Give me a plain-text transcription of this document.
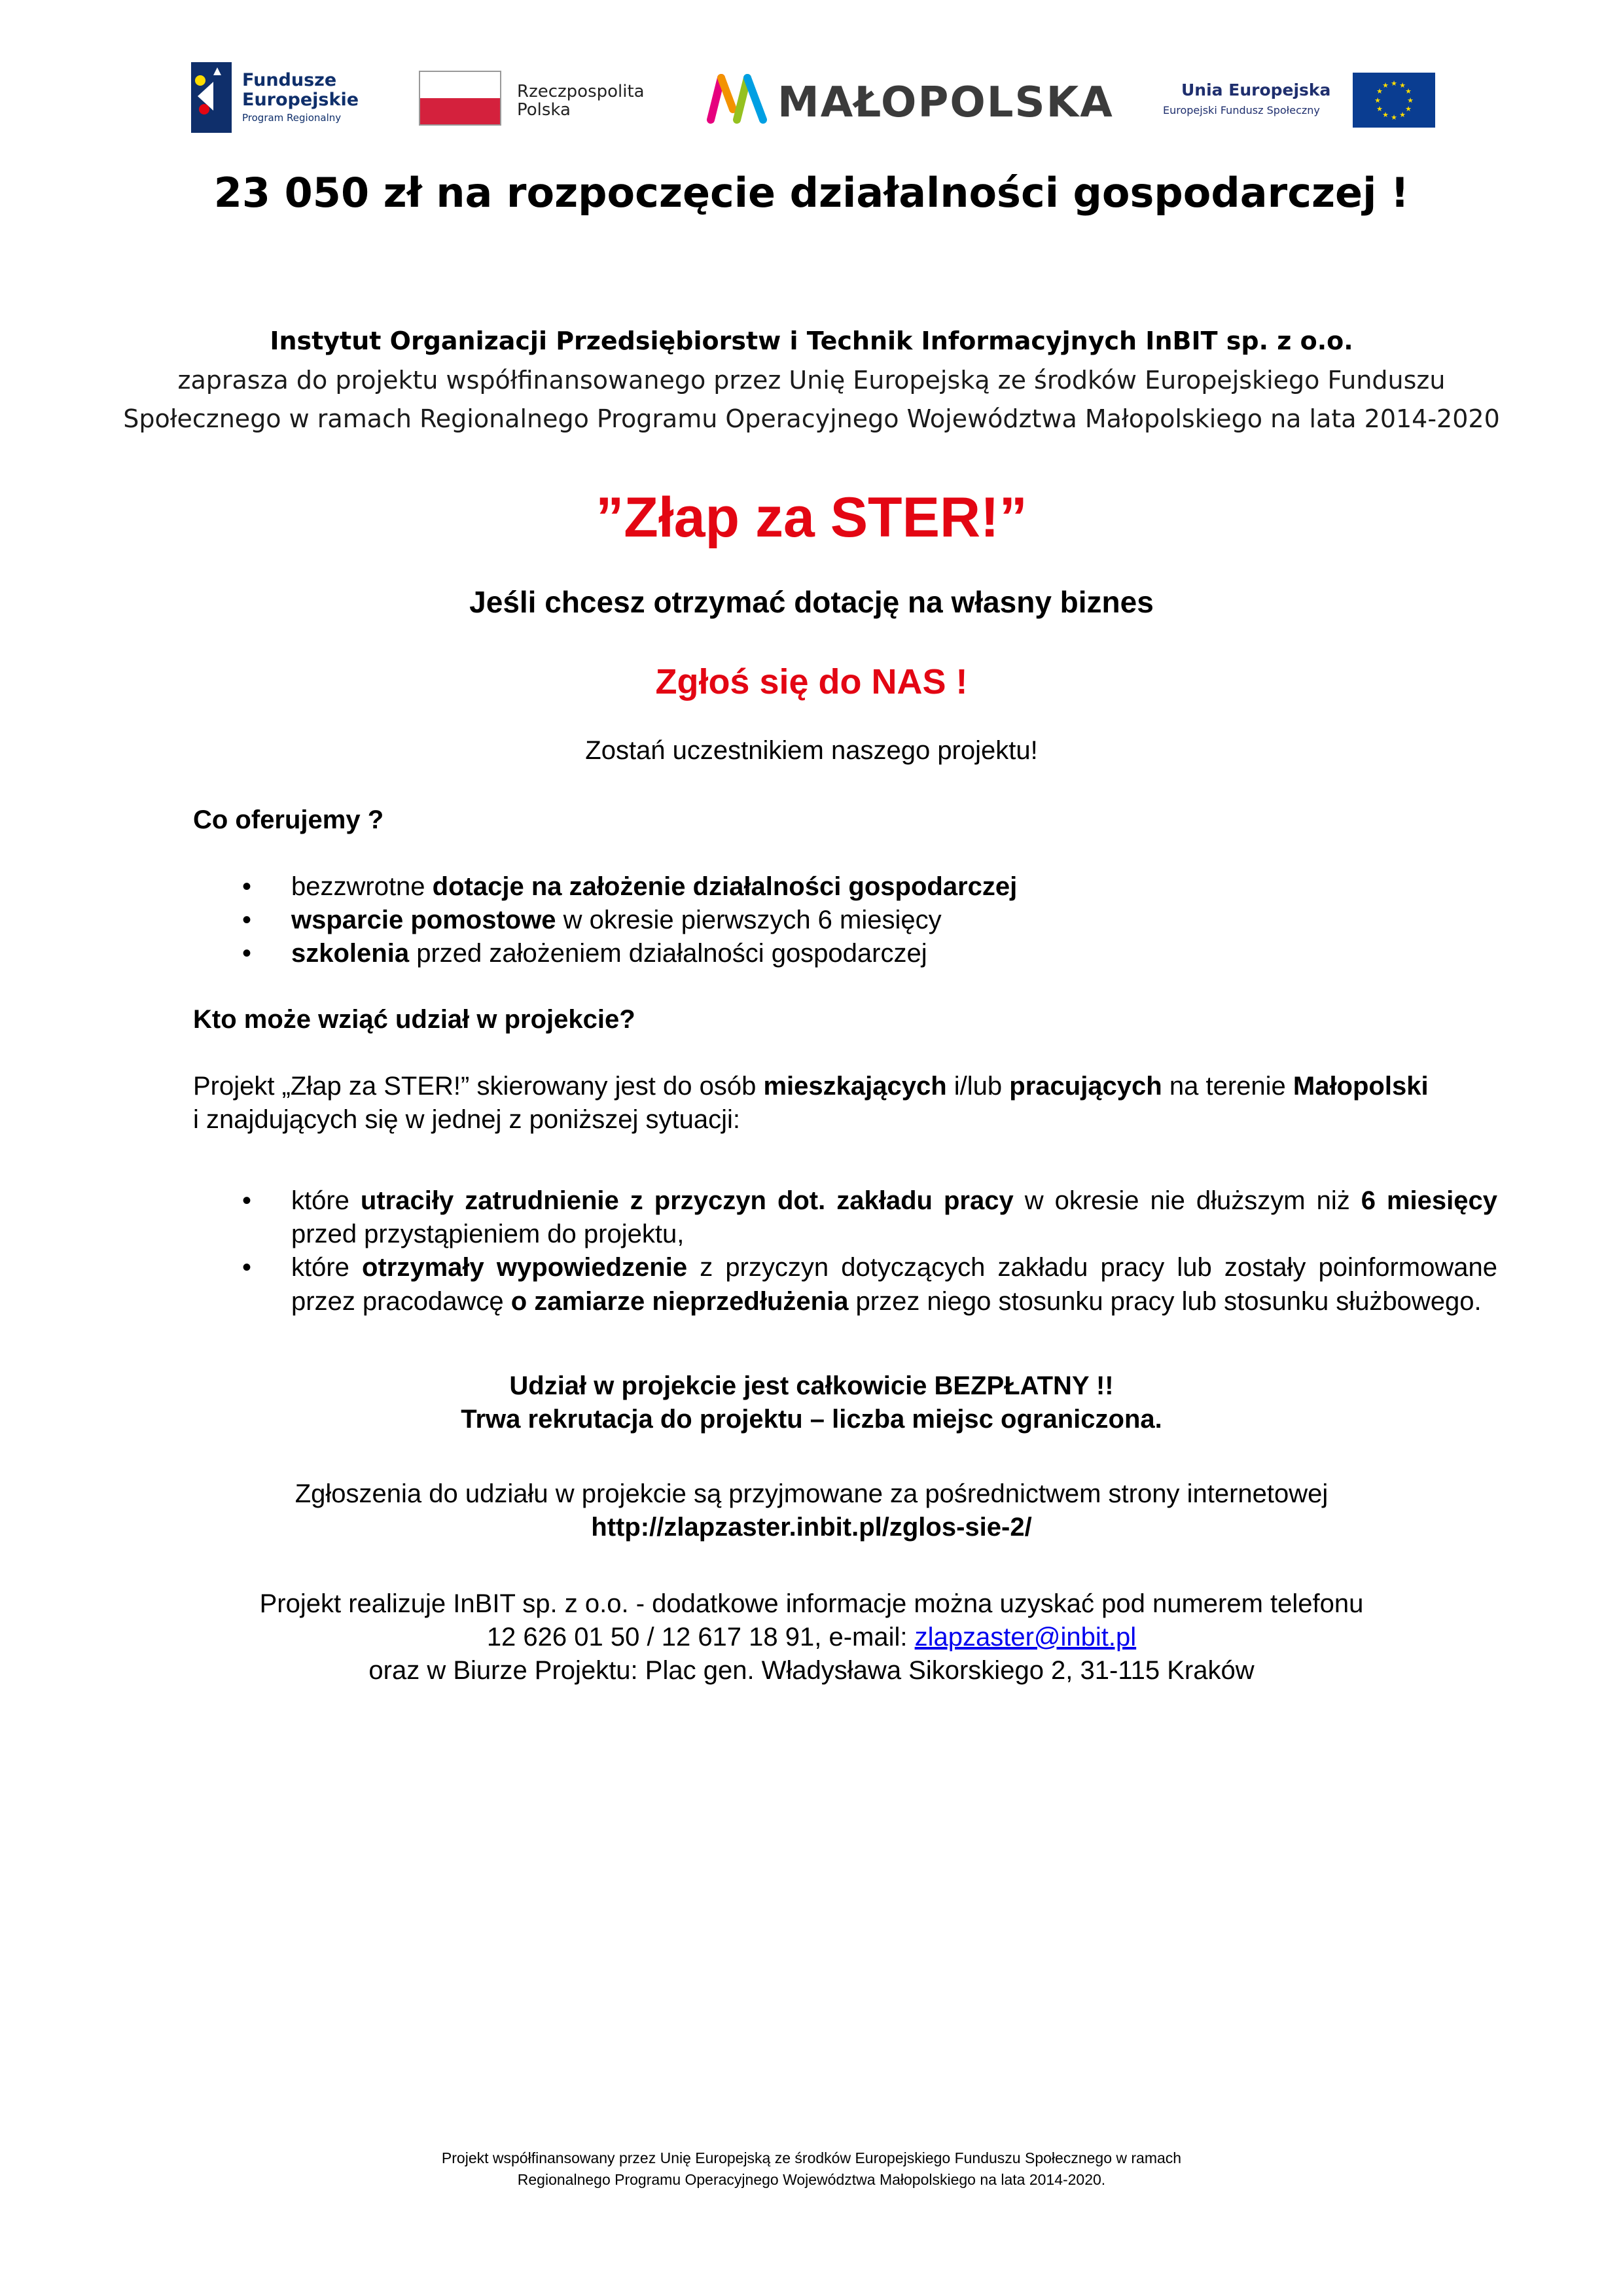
Fundusze
Europejskie
Program Regionalny
Rzeczpospolita
Polska	MAŁOPOLSKA	Unia Europejska
Europejski Fundusz Społeczny
★ ★
★
★
★
★
★
★
★
★
★
★
23 050 zł na rozpoczęcie działalności gospodarczej !
Instytut Organizacji Przedsiębiorstw i Technik Informacyjnych InBIT sp. z o.o.
zaprasza do projektu współfinansowanego przez Unię Europejską ze środków Europejskiego Funduszu
Społecznego w ramach Regionalnego Programu Operacyjnego Województwa Małopolskiego na lata 2014-2020
”Złap za STER!”
Jeśli chcesz otrzymać dotację na własny biznes
Zgłoś się do NAS !
Zostań uczestnikiem naszego projektu!
Co oferujemy ?
• bezzwrotne dotacje na założenie działalności gospodarczej
• wsparcie pomostowe w okresie pierwszych 6 miesięcy
• szkolenia przed założeniem działalności gospodarczej
Kto może wziąć udział w projekcie?
Projekt „Złap za STER!” skierowany jest do osób mieszkających i/lub pracujących na terenie Małopolski
i znajdujących się w jednej z poniższej sytuacji:
• które utraciły zatrudnienie z przyczyn dot. zakładu pracy w okresie nie dłuższym niż 6 miesięcy przed przystąpieniem do projektu,
• które otrzymały wypowiedzenie z przyczyn dotyczących zakładu pracy lub zostały poinformowane przez pracodawcę o zamiarze nieprzedłużenia przez niego stosunku pracy lub stosunku służbowego.
Udział w projekcie jest całkowicie BEZPŁATNY !!
Trwa rekrutacja do projektu – liczba miejsc ograniczona.
Zgłoszenia do udziału w projekcie są przyjmowane za pośrednictwem strony internetowej
http://zlapzaster.inbit.pl/zglos-sie-2/
Projekt realizuje InBIT sp. z o.o. - dodatkowe informacje można uzyskać pod numerem telefonu
12 626 01 50 / 12 617 18 91, e-mail: zlapzaster@inbit.pl
oraz w Biurze Projektu: Plac gen. Władysława Sikorskiego 2, 31-115 Kraków
Projekt współfinansowany przez Unię Europejską ze środków Europejskiego Funduszu Społecznego w ramach
Regionalnego Programu Operacyjnego Województwa Małopolskiego na lata 2014-2020.
